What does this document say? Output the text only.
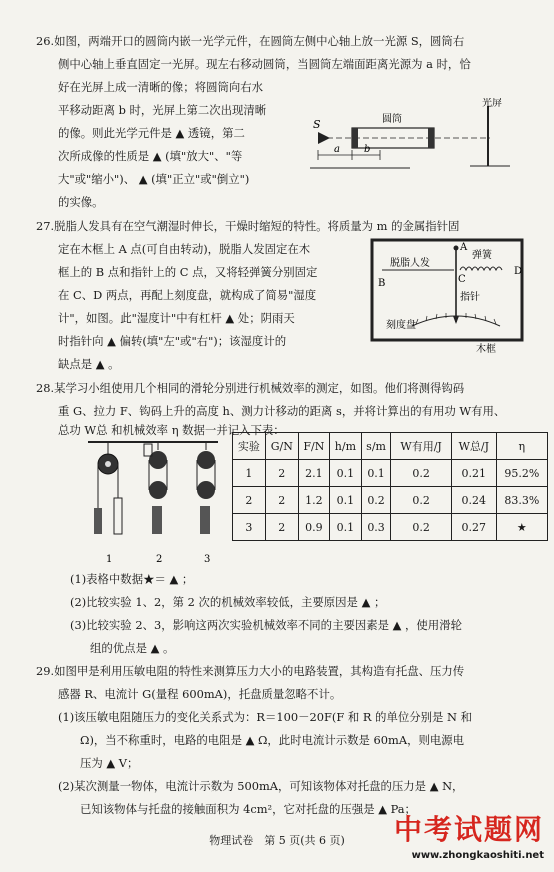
26.如图，两端开口的圆筒内嵌一光学元件，在圆筒左侧中心轴上放一光源 S，圆筒右
侧中心轴上垂直固定一光屏。现左右移动圆筒，当圆筒左端面距离光源为 a 时，恰
好在光屏上成一清晰的像；将圆筒向右水
平移动距离 b 时，光屏上第二次出现清晰
的像。则此光学元件是 ▲ 透镜，第二
次所成像的性质是 ▲ (填"放大"、"等
大"或"缩小")、 ▲ (填"正立"或"倒立")
的实像。
S	圆筒
光屏
a b
27.脱脂人发具有在空气潮湿时伸长，干燥时缩短的特性。将质量为 m 的金属指针固
定在木框上 A 点(可自由转动)，脱脂人发固定在木
框上的 B 点和指针上的 C 点，又将轻弹簧分别固定
在 C、D 两点，再配上刻度盘，就构成了简易"湿度
计"，如图。此"湿度计"中有杠杆 ▲ 处；阴雨天
时指针向 ▲ 偏转(填"左"或"右")；该湿度计的
缺点是 ▲ 。
木框
脱脂人发
B
弹簧
D
A
C
指针
刻度盘
28.某学习小组使用几个相同的滑轮分别进行机械效率的测定，如图。他们将测得钩码
重 G、拉力 F、钩码上升的高度 h、测力计移动的距离 s，并将计算出的有用功 W有用、
总功 W总 和机械效率 η 数据一并记入下表：
1	2	3
实验	G/N	F/N	h/m	s/m	W有用/J	W总/J	η
1	2	2.1	0.1	0.1	0.2	0.21	95.2%
2	2	1.2	0.1	0.2	0.2	0.24	83.3%
3	2	0.9	0.1	0.3	0.2	0.27	★
(1)表格中数据★＝ ▲ ；
(2)比较实验 1、2，第 2 次的机械效率较低，主要原因是 ▲ ；
(3)比较实验 2、3，影响这两次实验机械效率不同的主要因素是 ▲ ，使用滑轮
组的优点是 ▲ 。
29.如图甲是利用压敏电阻的特性来测算压力大小的电路装置，其构造有托盘、压力传
感器 R、电流计 G(量程 600mA)，托盘质量忽略不计。
(1)该压敏电阻随压力的变化关系式为：R＝100－20F(F 和 R 的单位分别是 N 和
Ω)，当不称重时，电路的电阻是 ▲ Ω，此时电流计示数是 60mA，则电源电
压为 ▲ V；
(2)某次测量一物体，电流计示数为 500mA，可知该物体对托盘的压力是 ▲ N，
已知该物体与托盘的接触面积为 4cm²，它对托盘的压强是 ▲ Pa；
物理试卷　第 5 页(共 6 页)	中考试题网
www.zhongkaoshiti.net
